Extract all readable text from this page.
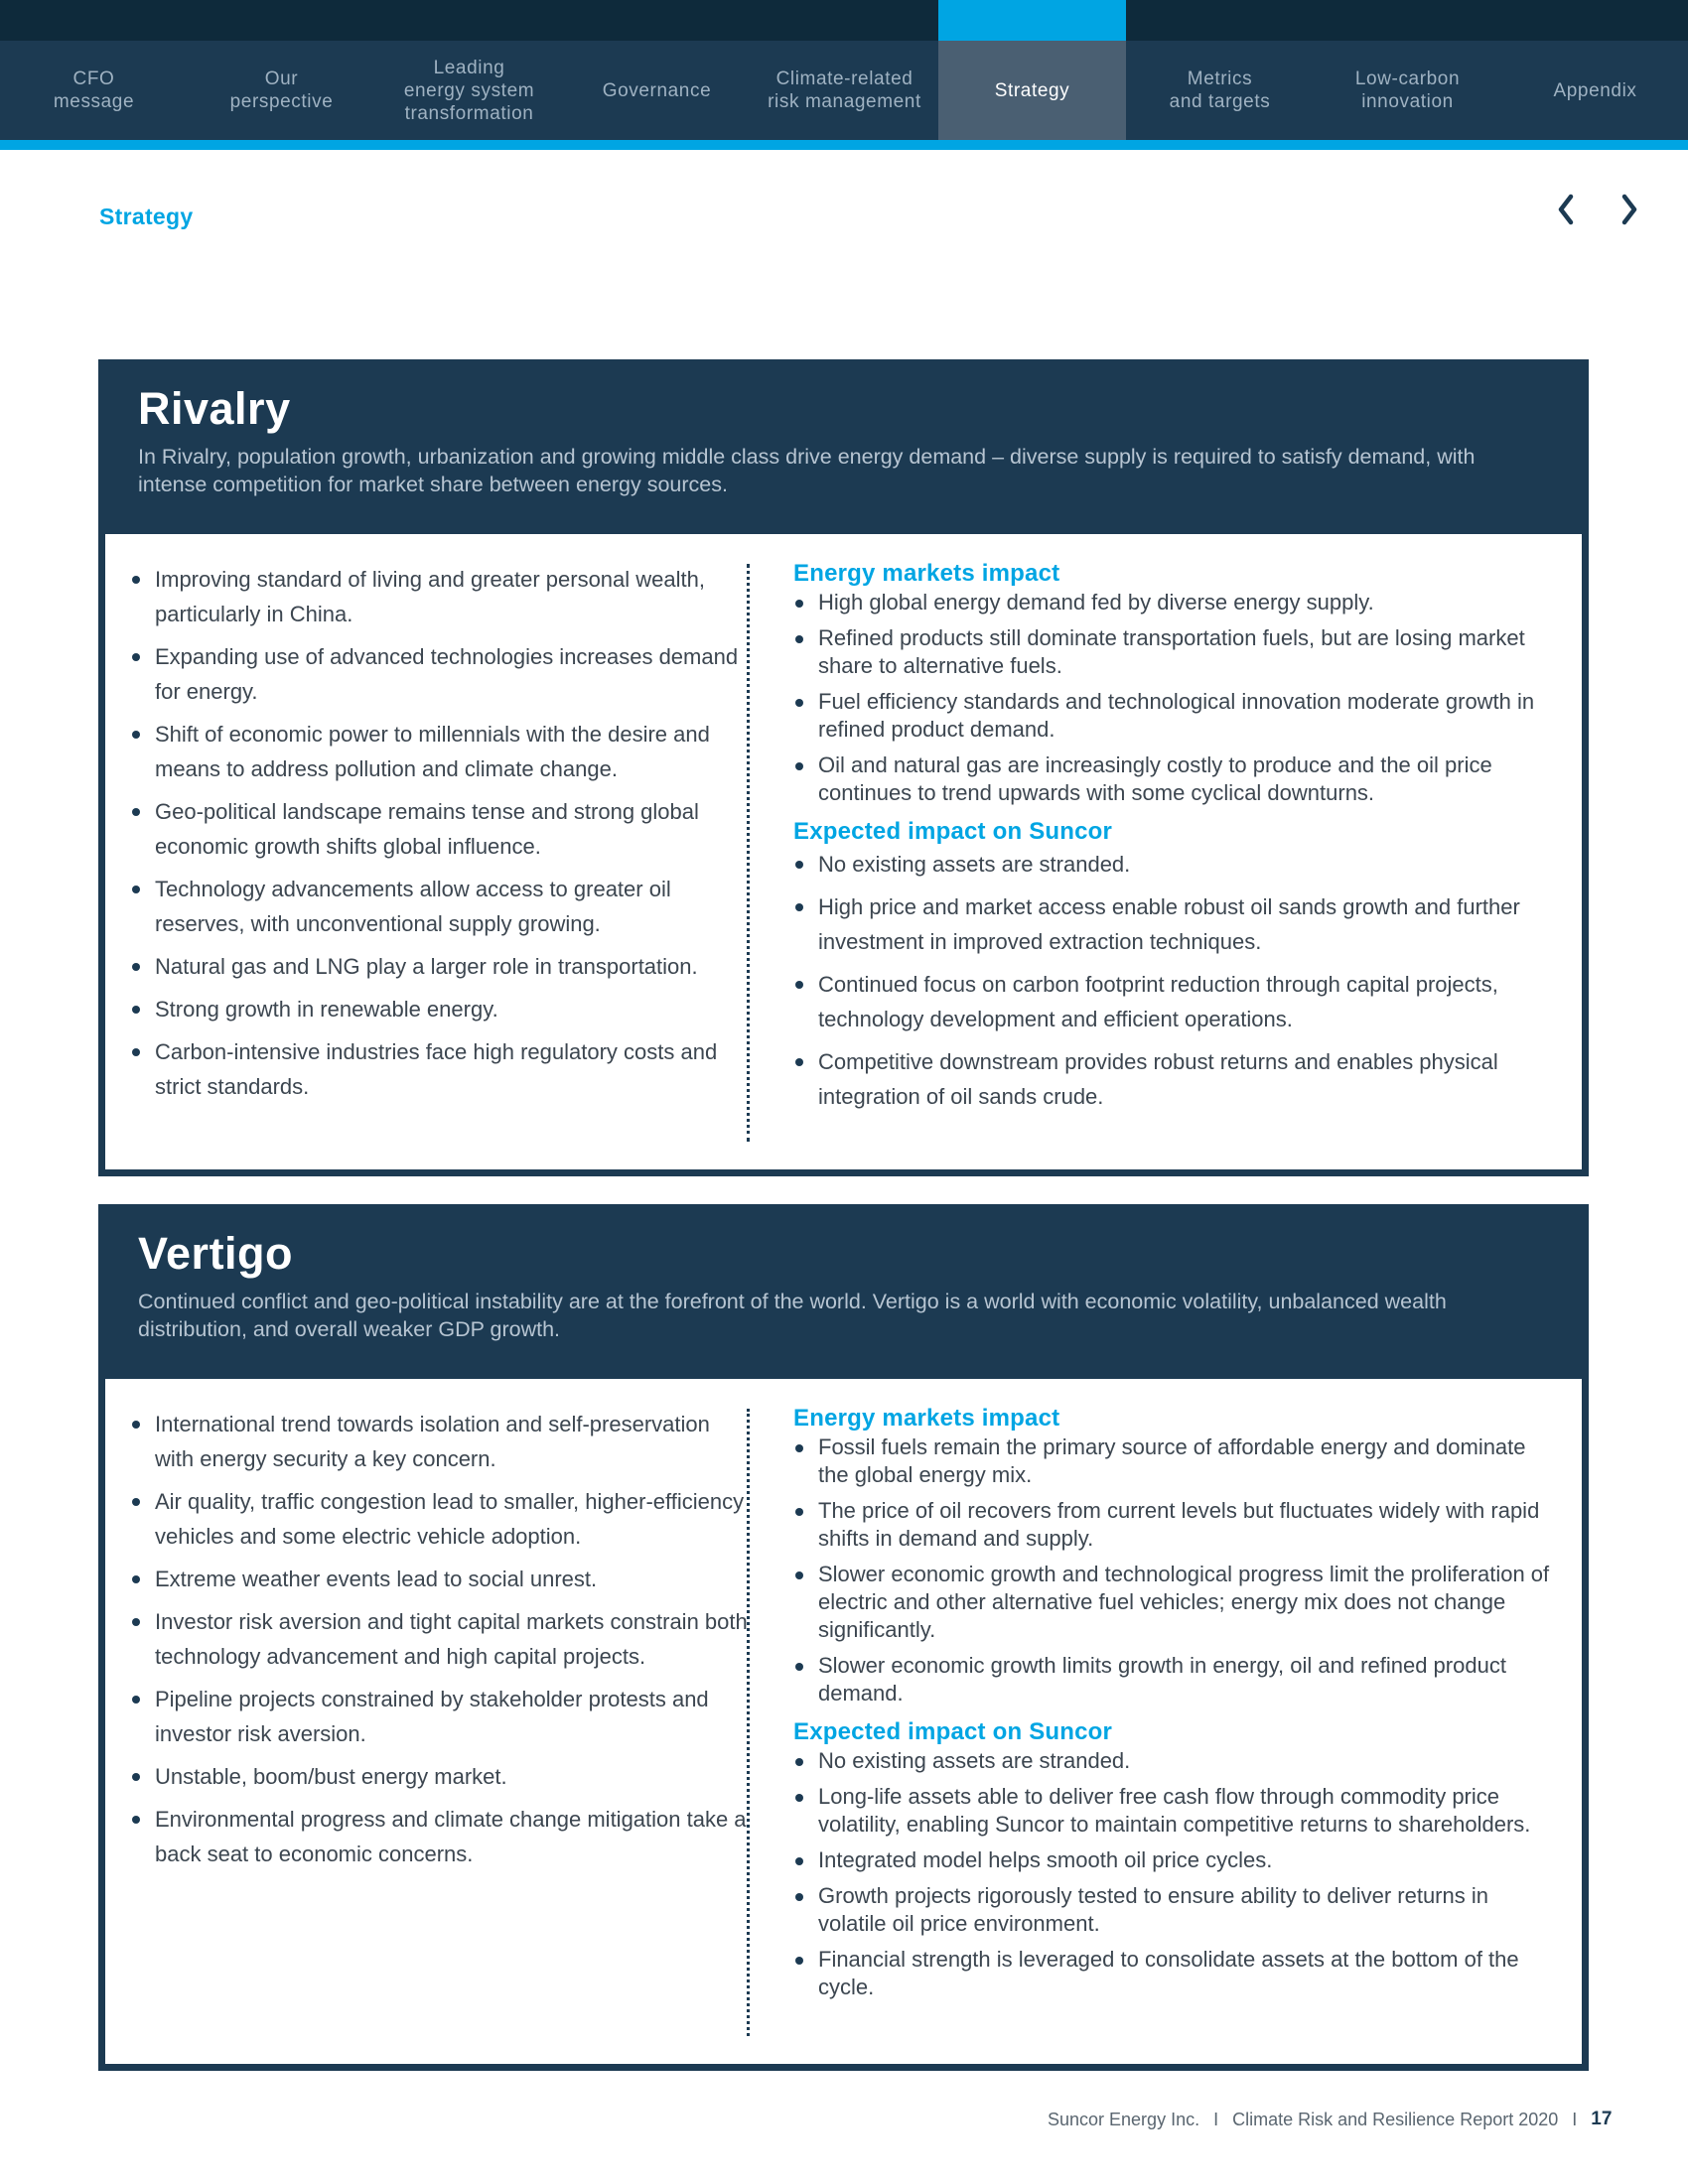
CFO
message
Our
perspective
Leading
energy system
transformation
Governance
Climate-related
risk management
Strategy
Metrics
and targets
Low-carbon
innovation
Appendix
Strategy
Rivalry

In Rivalry, population growth, urbanization and growing middle class drive energy demand – diverse supply is required to satisfy demand, with intense competition for market share between energy sources.

Improving standard of living and greater personal wealth, particularly in China.
Expanding use of advanced technologies increases demand for energy.
Shift of economic power to millennials with the desire and means to address pollution and climate change.
Geo-political landscape remains tense and strong global economic growth shifts global influence.
Technology advancements allow access to greater oil reserves, with unconventional supply growing.
Natural gas and LNG play a larger role in transportation.
Strong growth in renewable energy.
Carbon-intensive industries face high regulatory costs and strict standards.
Energy markets impact
High global energy demand fed by diverse energy supply.
Refined products still dominate transportation fuels, but are losing market share to alternative fuels.
Fuel efficiency standards and technological innovation moderate growth in refined product demand.
Oil and natural gas are increasingly costly to produce and the oil price continues to trend upwards with some cyclical downturns.
Expected impact on Suncor
No existing assets are stranded.
High price and market access enable robust oil sands growth and further investment in improved extraction techniques.
Continued focus on carbon footprint reduction through capital projects, technology development and efficient operations.
Competitive downstream provides robust returns and enables physical integration of oil sands crude.
Vertigo

Continued conflict and geo-political instability are at the forefront of the world. Vertigo is a world with economic volatility, unbalanced wealth distribution, and overall weaker GDP growth.

International trend towards isolation and self-preservation with energy security a key concern.
Air quality, traffic congestion lead to smaller, higher-efficiency vehicles and some electric vehicle adoption.
Extreme weather events lead to social unrest.
Investor risk aversion and tight capital markets constrain both technology advancement and high capital projects.
Pipeline projects constrained by stakeholder protests and investor risk aversion.
Unstable, boom/bust energy market.
Environmental progress and climate change mitigation take a back seat to economic concerns.
Energy markets impact
Fossil fuels remain the primary source of affordable energy and dominate the global energy mix.
The price of oil recovers from current levels but fluctuates widely with rapid shifts in demand and supply.
Slower economic growth and technological progress limit the proliferation of electric and other alternative fuel vehicles; energy mix does not change significantly.
Slower economic growth limits growth in energy, oil and refined product demand.
Expected impact on Suncor
No existing assets are stranded.
Long-life assets able to deliver free cash flow through commodity price volatility, enabling Suncor to maintain competitive returns to shareholders.
Integrated model helps smooth oil price cycles.
Growth projects rigorously tested to ensure ability to deliver returns in volatile oil price environment.
Financial strength is leveraged to consolidate assets at the bottom of the cycle.
Suncor Energy Inc. I Climate Risk and Resilience Report 2020 I 17
